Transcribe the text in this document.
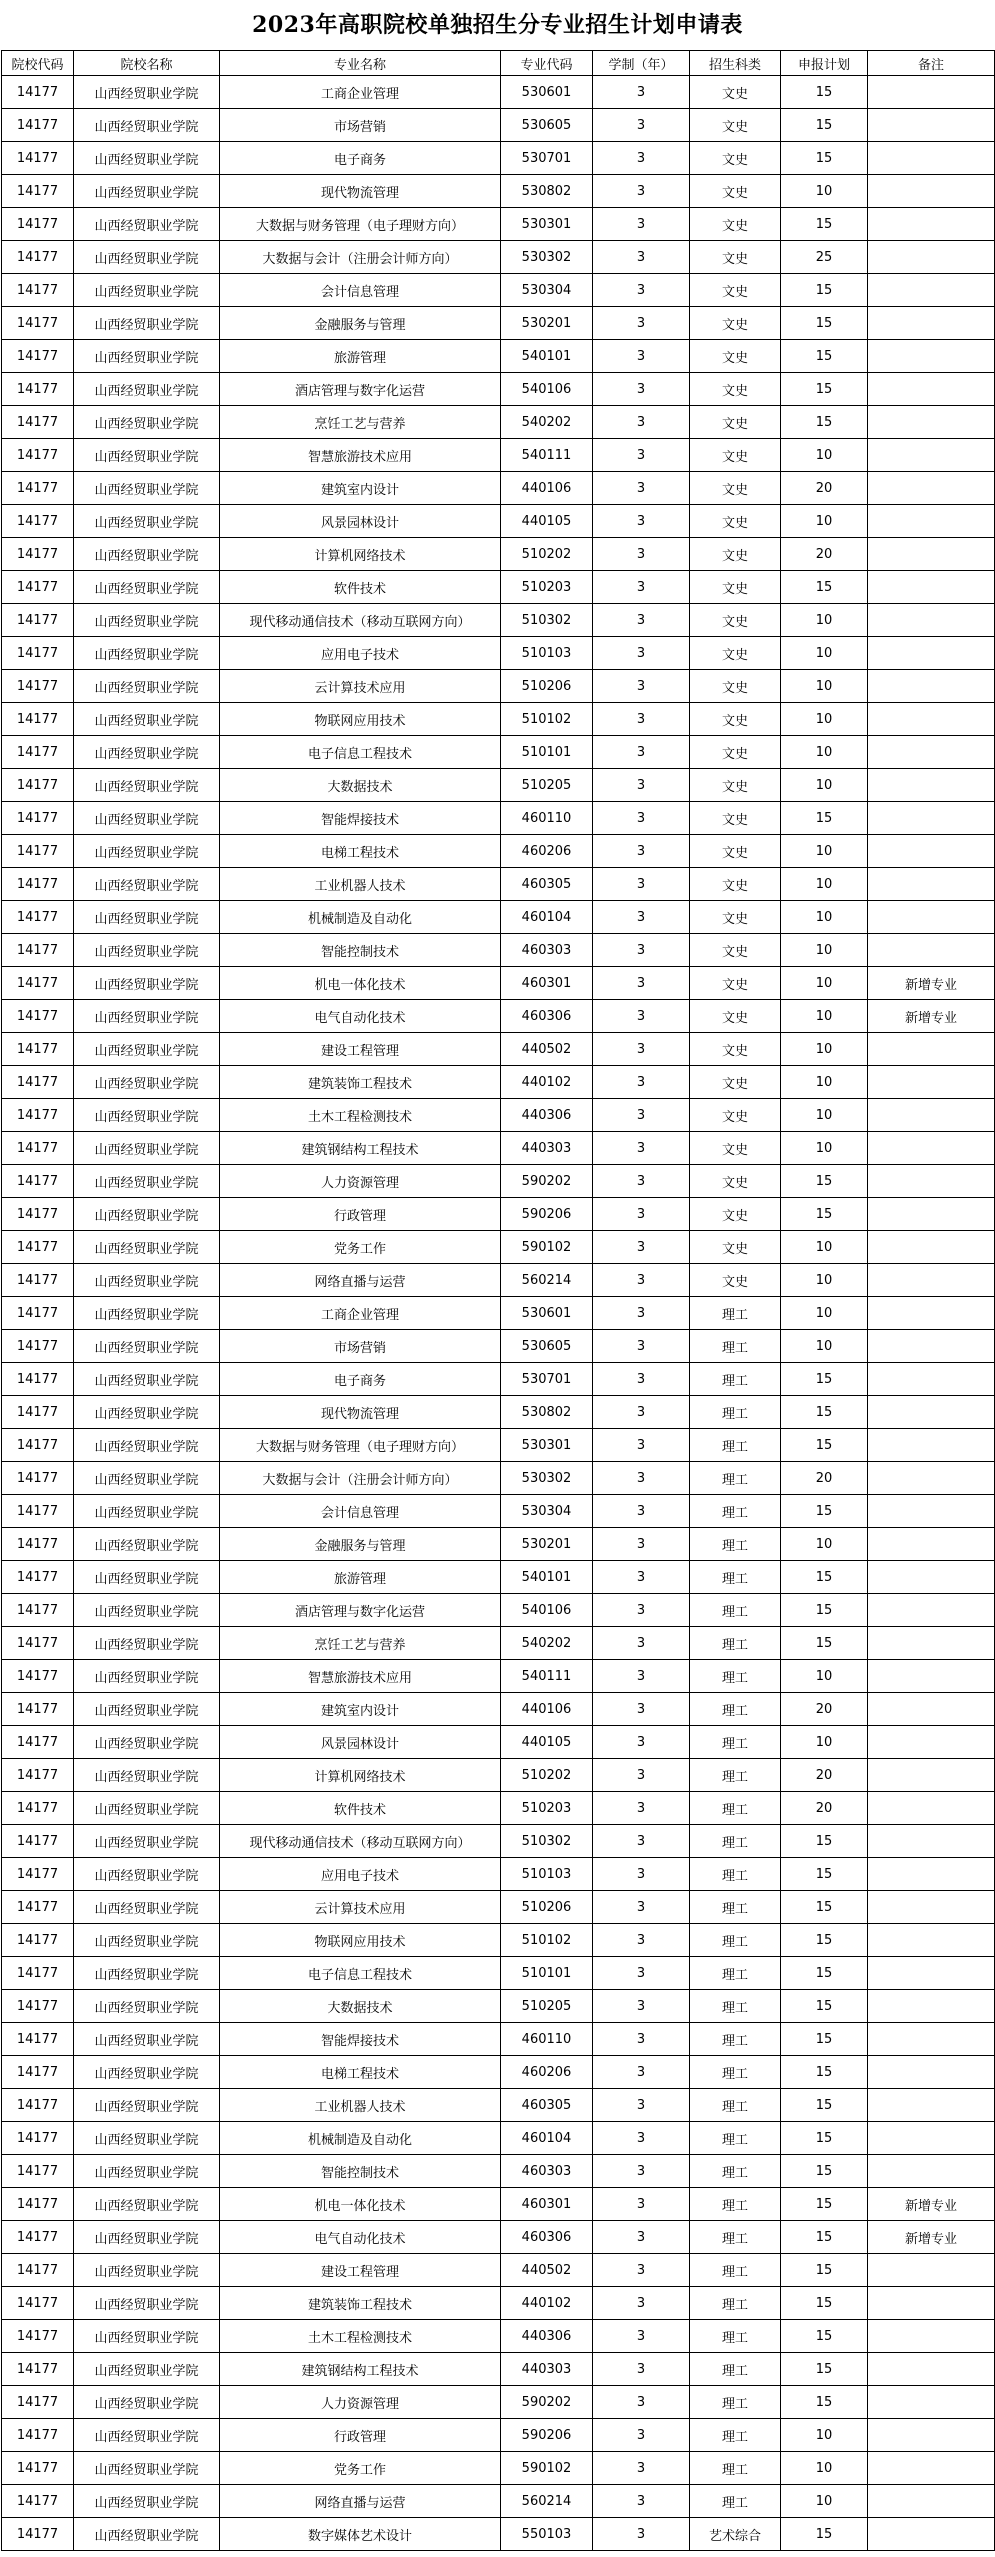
2023年高职院校单独招生分专业招生计划申请表
院校代码	院校名称	专业名称	专业代码	学制（年）	招生科类	申报计划	备注
14177	山西经贸职业学院	工商企业管理	530601	3	文史	15	
14177	山西经贸职业学院	市场营销	530605	3	文史	15	
14177	山西经贸职业学院	电子商务	530701	3	文史	15	
14177	山西经贸职业学院	现代物流管理	530802	3	文史	10	
14177	山西经贸职业学院	大数据与财务管理（电子理财方向）	530301	3	文史	15	
14177	山西经贸职业学院	大数据与会计（注册会计师方向）	530302	3	文史	25	
14177	山西经贸职业学院	会计信息管理	530304	3	文史	15	
14177	山西经贸职业学院	金融服务与管理	530201	3	文史	15	
14177	山西经贸职业学院	旅游管理	540101	3	文史	15	
14177	山西经贸职业学院	酒店管理与数字化运营	540106	3	文史	15	
14177	山西经贸职业学院	烹饪工艺与营养	540202	3	文史	15	
14177	山西经贸职业学院	智慧旅游技术应用	540111	3	文史	10	
14177	山西经贸职业学院	建筑室内设计	440106	3	文史	20	
14177	山西经贸职业学院	风景园林设计	440105	3	文史	10	
14177	山西经贸职业学院	计算机网络技术	510202	3	文史	20	
14177	山西经贸职业学院	软件技术	510203	3	文史	15	
14177	山西经贸职业学院	现代移动通信技术（移动互联网方向）	510302	3	文史	10	
14177	山西经贸职业学院	应用电子技术	510103	3	文史	10	
14177	山西经贸职业学院	云计算技术应用	510206	3	文史	10	
14177	山西经贸职业学院	物联网应用技术	510102	3	文史	10	
14177	山西经贸职业学院	电子信息工程技术	510101	3	文史	10	
14177	山西经贸职业学院	大数据技术	510205	3	文史	10	
14177	山西经贸职业学院	智能焊接技术	460110	3	文史	15	
14177	山西经贸职业学院	电梯工程技术	460206	3	文史	10	
14177	山西经贸职业学院	工业机器人技术	460305	3	文史	10	
14177	山西经贸职业学院	机械制造及自动化	460104	3	文史	10	
14177	山西经贸职业学院	智能控制技术	460303	3	文史	10	
14177	山西经贸职业学院	机电一体化技术	460301	3	文史	10	新增专业
14177	山西经贸职业学院	电气自动化技术	460306	3	文史	10	新增专业
14177	山西经贸职业学院	建设工程管理	440502	3	文史	10	
14177	山西经贸职业学院	建筑装饰工程技术	440102	3	文史	10	
14177	山西经贸职业学院	土木工程检测技术	440306	3	文史	10	
14177	山西经贸职业学院	建筑钢结构工程技术	440303	3	文史	10	
14177	山西经贸职业学院	人力资源管理	590202	3	文史	15	
14177	山西经贸职业学院	行政管理	590206	3	文史	15	
14177	山西经贸职业学院	党务工作	590102	3	文史	10	
14177	山西经贸职业学院	网络直播与运营	560214	3	文史	10	
14177	山西经贸职业学院	工商企业管理	530601	3	理工	10	
14177	山西经贸职业学院	市场营销	530605	3	理工	10	
14177	山西经贸职业学院	电子商务	530701	3	理工	15	
14177	山西经贸职业学院	现代物流管理	530802	3	理工	15	
14177	山西经贸职业学院	大数据与财务管理（电子理财方向）	530301	3	理工	15	
14177	山西经贸职业学院	大数据与会计（注册会计师方向）	530302	3	理工	20	
14177	山西经贸职业学院	会计信息管理	530304	3	理工	15	
14177	山西经贸职业学院	金融服务与管理	530201	3	理工	10	
14177	山西经贸职业学院	旅游管理	540101	3	理工	15	
14177	山西经贸职业学院	酒店管理与数字化运营	540106	3	理工	15	
14177	山西经贸职业学院	烹饪工艺与营养	540202	3	理工	15	
14177	山西经贸职业学院	智慧旅游技术应用	540111	3	理工	10	
14177	山西经贸职业学院	建筑室内设计	440106	3	理工	20	
14177	山西经贸职业学院	风景园林设计	440105	3	理工	10	
14177	山西经贸职业学院	计算机网络技术	510202	3	理工	20	
14177	山西经贸职业学院	软件技术	510203	3	理工	20	
14177	山西经贸职业学院	现代移动通信技术（移动互联网方向）	510302	3	理工	15	
14177	山西经贸职业学院	应用电子技术	510103	3	理工	15	
14177	山西经贸职业学院	云计算技术应用	510206	3	理工	15	
14177	山西经贸职业学院	物联网应用技术	510102	3	理工	15	
14177	山西经贸职业学院	电子信息工程技术	510101	3	理工	15	
14177	山西经贸职业学院	大数据技术	510205	3	理工	15	
14177	山西经贸职业学院	智能焊接技术	460110	3	理工	15	
14177	山西经贸职业学院	电梯工程技术	460206	3	理工	15	
14177	山西经贸职业学院	工业机器人技术	460305	3	理工	15	
14177	山西经贸职业学院	机械制造及自动化	460104	3	理工	15	
14177	山西经贸职业学院	智能控制技术	460303	3	理工	15	
14177	山西经贸职业学院	机电一体化技术	460301	3	理工	15	新增专业
14177	山西经贸职业学院	电气自动化技术	460306	3	理工	15	新增专业
14177	山西经贸职业学院	建设工程管理	440502	3	理工	15	
14177	山西经贸职业学院	建筑装饰工程技术	440102	3	理工	15	
14177	山西经贸职业学院	土木工程检测技术	440306	3	理工	15	
14177	山西经贸职业学院	建筑钢结构工程技术	440303	3	理工	15	
14177	山西经贸职业学院	人力资源管理	590202	3	理工	15	
14177	山西经贸职业学院	行政管理	590206	3	理工	10	
14177	山西经贸职业学院	党务工作	590102	3	理工	10	
14177	山西经贸职业学院	网络直播与运营	560214	3	理工	10	
14177	山西经贸职业学院	数字媒体艺术设计	550103	3	艺术综合	15	
